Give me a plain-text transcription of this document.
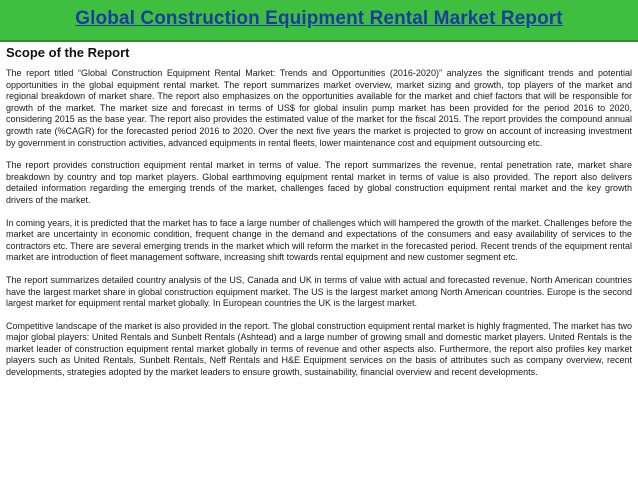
Global Construction Equipment Rental Market Report
Scope of the Report

The report titled “Global Construction Equipment Rental Market: Trends and Opportunities (2016-2020)” analyzes the significant trends and potential opportunities in the global equipment rental market. The report summarizes market overview, market sizing and growth, top players of the market and regional breakdown of market share. The report also emphasizes on the opportunities available for the market and chief factors that will be responsible for growth of the market. The market size and forecast in terms of US$ for global insulin pump market has been provided for the period 2016 to 2020, considering 2015 as the base year. The report also provides the estimated value of the market for the fiscal 2015. The report provides the compound annual growth rate (%CAGR) for the forecasted period 2016 to 2020. Over the next five years the market is projected to grow on account of increasing investment by government in construction activities, advanced equipments in rental fleets, lower maintenance cost and equipment outsourcing etc.

The report provides construction equipment rental market in terms of value. The report summarizes the revenue, rental penetration rate, market share breakdown by country and top market players. Global earthmoving equipment rental market in terms of value is also provided. The report also delivers detailed information regarding the emerging trends of the market, challenges faced by global construction equipment rental market and the key growth drivers of the market.

In coming years, it is predicted that the market has to face a large number of challenges which will hampered the growth of the market. Challenges before the market are uncertainty in economic condition, frequent change in the demand and expectations of the consumers and easy availability of services to the contractors etc. There are several emerging trends in the market which will reform the market in the forecasted period. Recent trends of the equipment rental market are introduction of fleet management software, increasing shift towards rental equipment and new customer segment etc.

The report summarizes detailed country analysis of the US, Canada and UK in terms of value with actual and forecasted revenue. North American countries have the largest market share in global construction equipment market. The US is the largest market among North American countries. Europe is the second largest market for equipment rental market globally. In European countries the UK is the largest market.

Competitive landscape of the market is also provided in the report. The global construction equipment rental market is highly fragmented. The market has two major global players: United Rentals and Sunbelt Rentals (Ashtead) and a large number of growing small and domestic market players. United Rentals is the market leader of construction equipment rental market globally in terms of revenue and other aspects also. Furthermore, the report also profiles key market players such as United Rentals, Sunbelt Rentals, Neff Rentals and H&E Equipment services on the basis of attributes such as company overview, recent developments, strategies adopted by the market leaders to ensure growth, sustainability, financial overview and recent developments.
